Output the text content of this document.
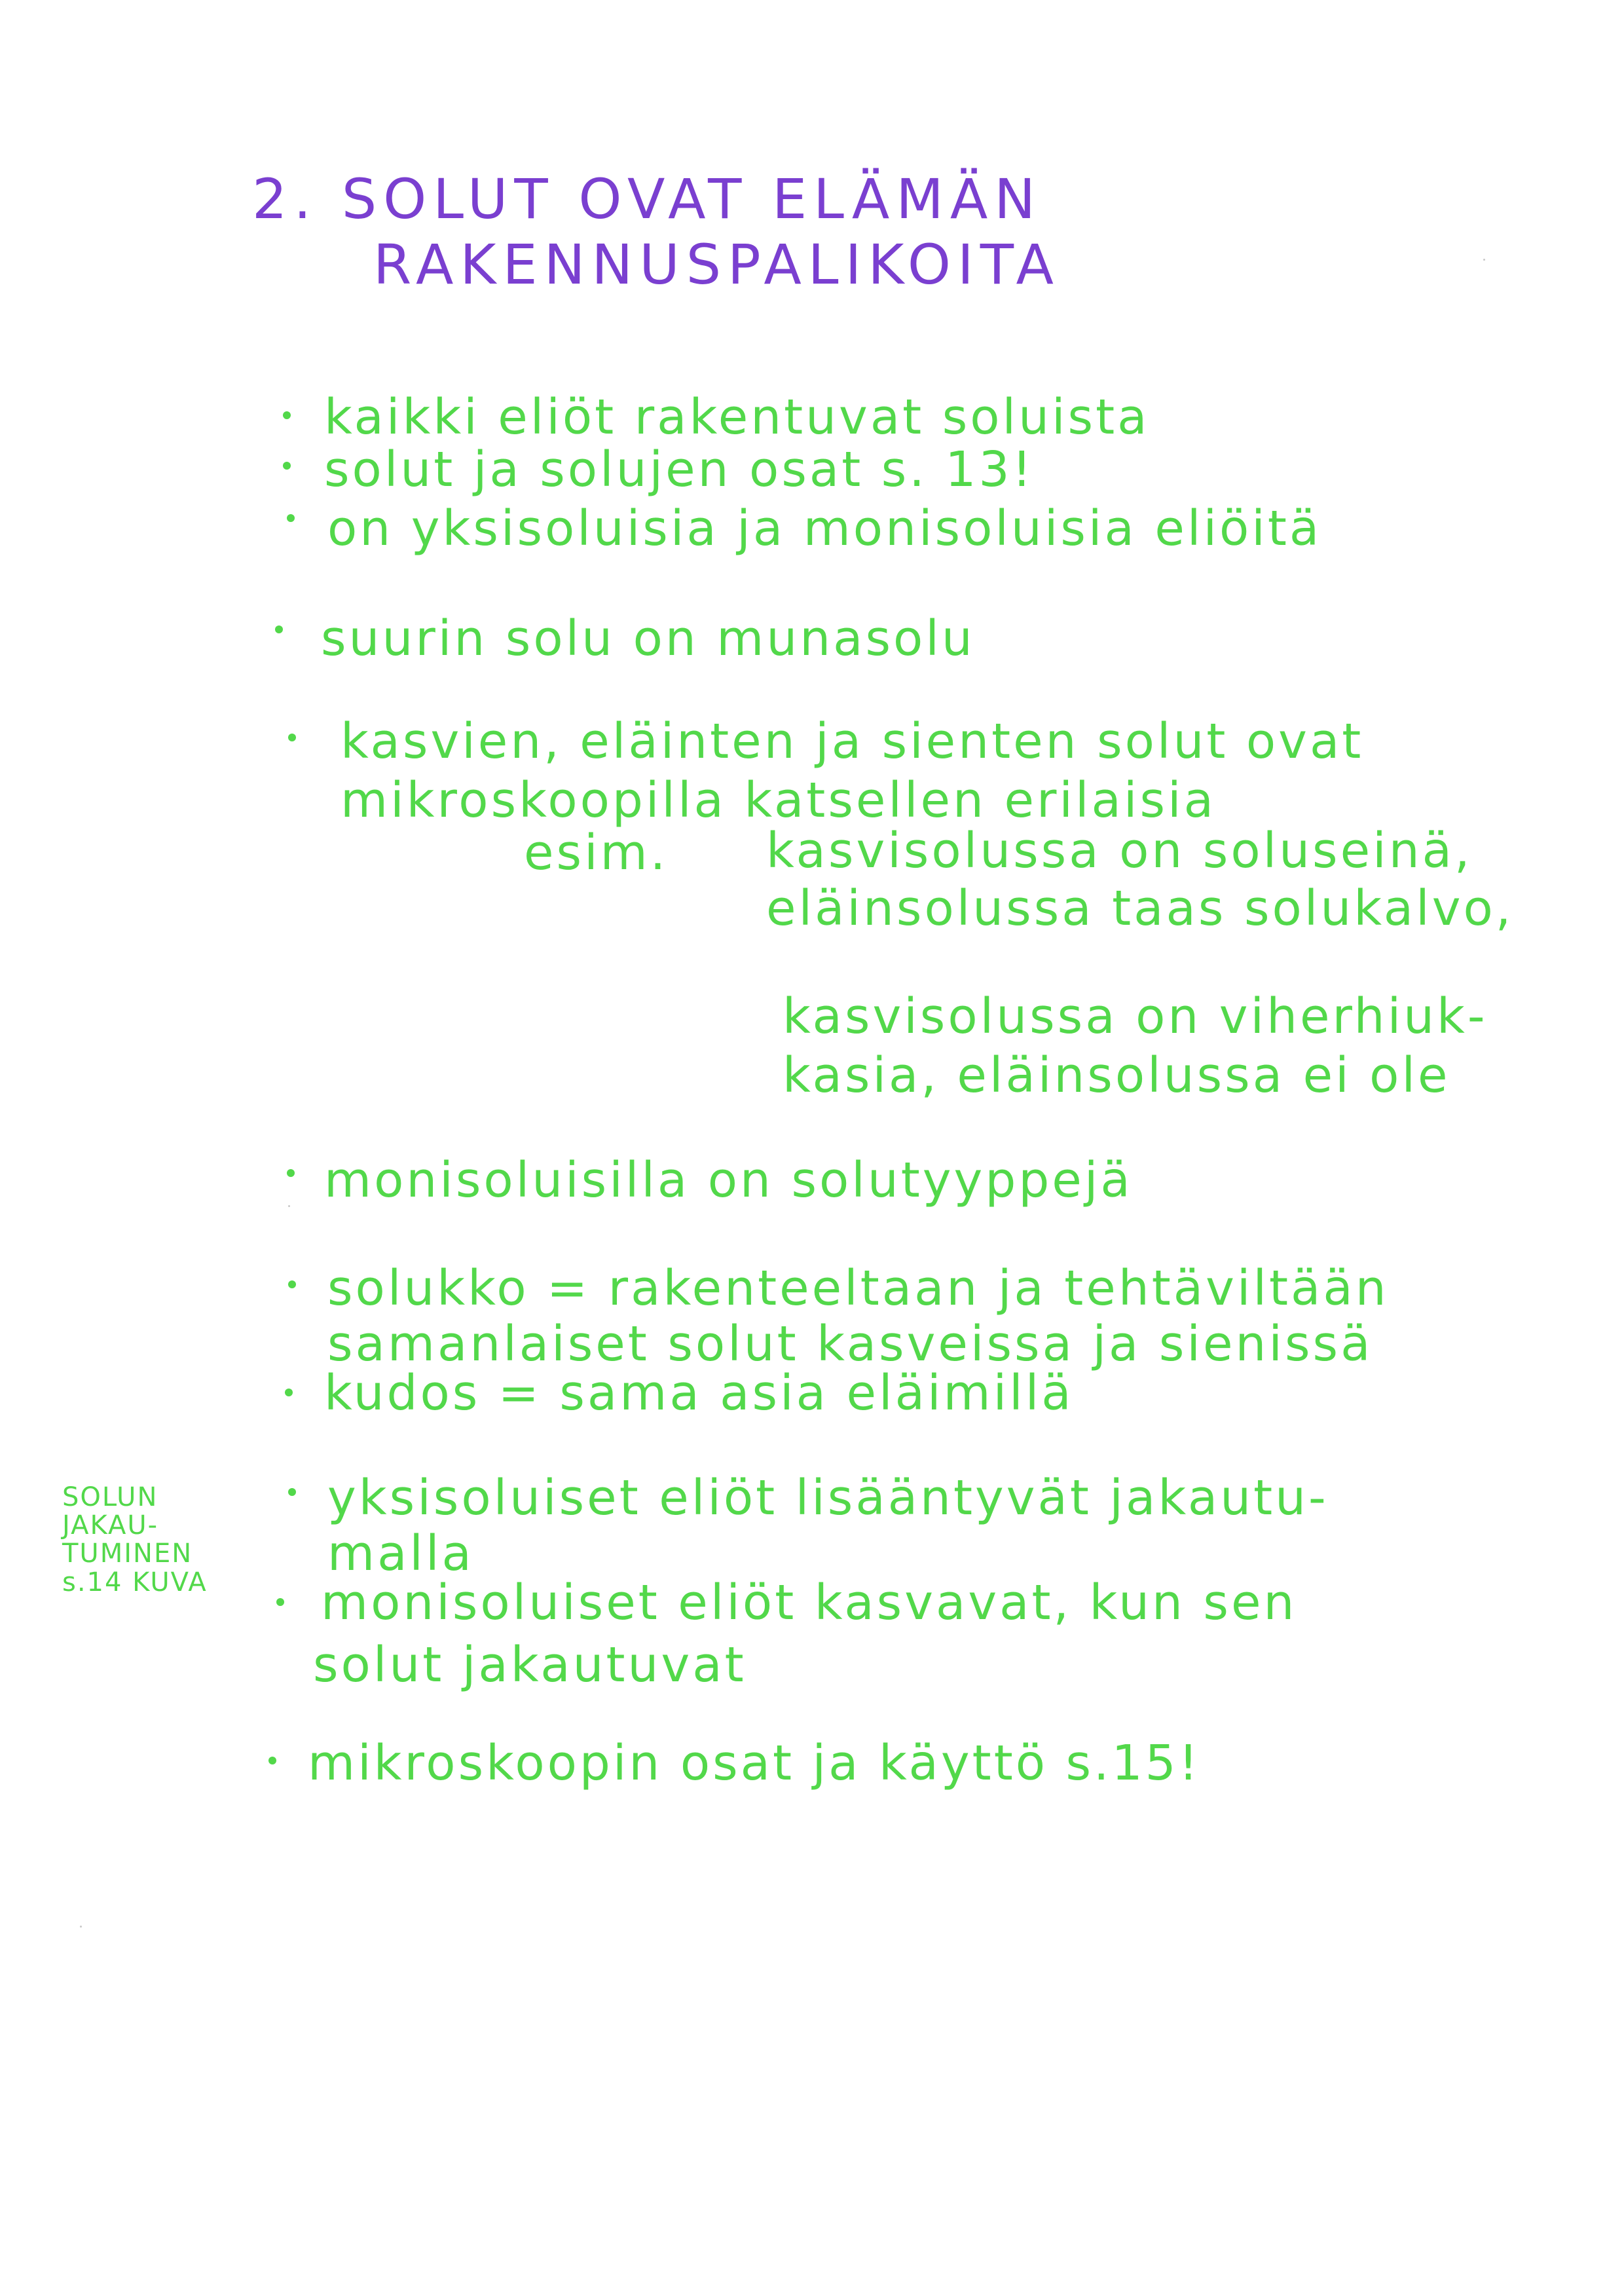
2. SOLUT OVAT ELÄMÄN
RAKENNUSPALIKOITA
kaikki eliöt rakentuvat soluista
solut ja solujen osat s. 13!
on yksisoluisia ja monisoluisia eliöitä
suurin solu on munasolu
kasvien, eläinten ja sienten solut ovat
mikroskoopilla katsellen erilaisia
esim. kasvisolussa on soluseinä,
eläinsolussa taas solukalvo,
kasvisolussa on viherhiuk-
kasia, eläinsolussa ei ole
monisoluisilla on solutyyppejä
solukko = rakenteeltaan ja tehtäviltään
samanlaiset solut kasveissa ja sienissä
kudos = sama asia eläimillä
SOLUN
JAKAU-
TUMINEN
s.14 KUVA
yksisoluiset eliöt lisääntyvät jakautu-
malla
monisoluiset eliöt kasvavat, kun sen
solut jakautuvat
mikroskoopin osat ja käyttö s.15!
